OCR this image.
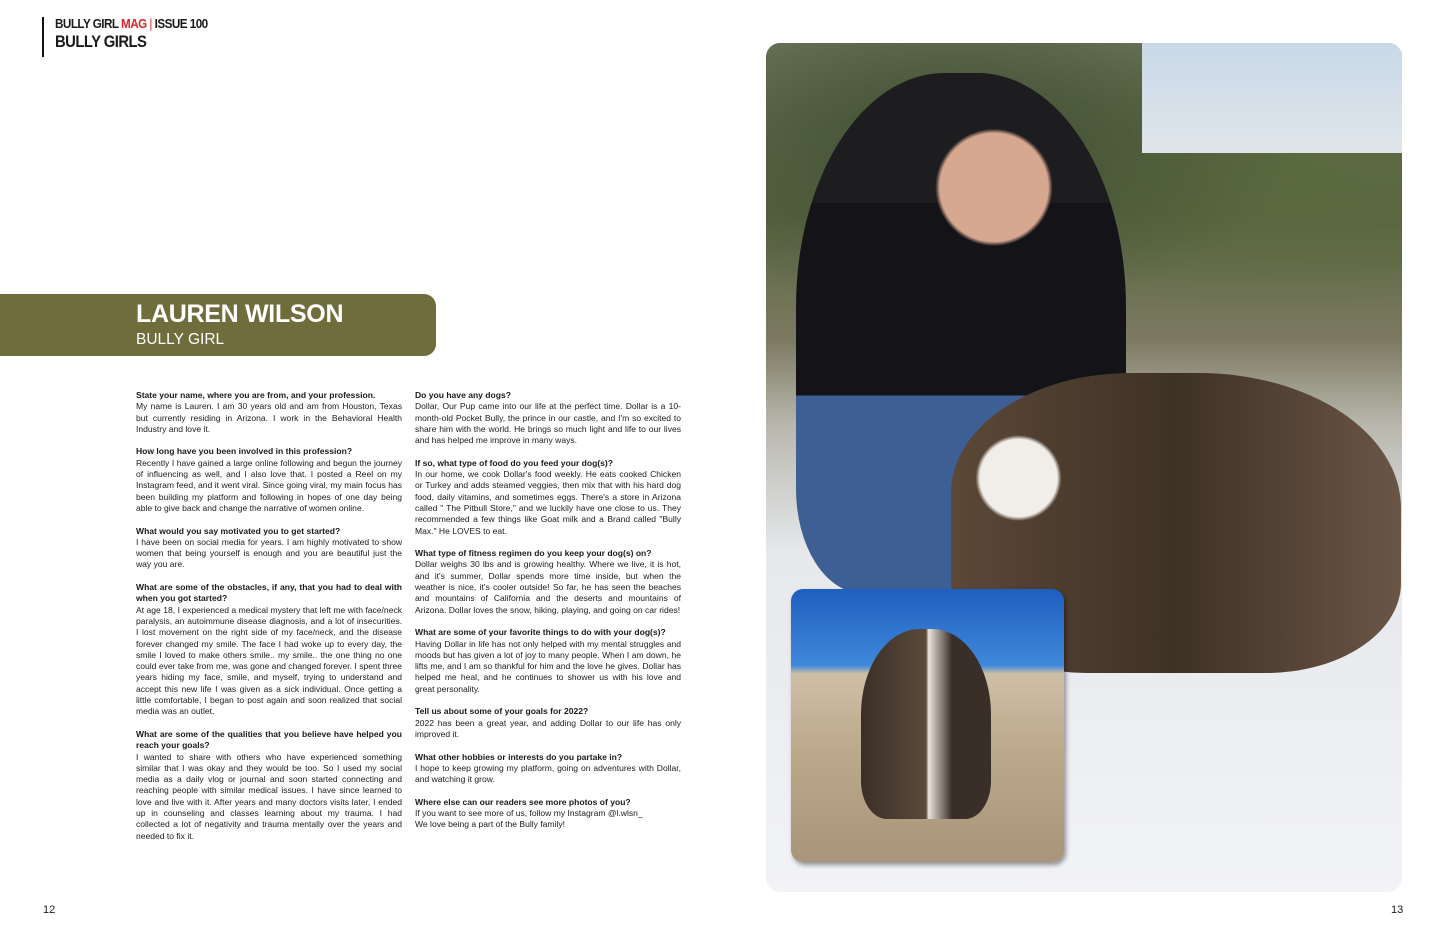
BULLY GIRL MAG | ISSUE 100
BULLY GIRLS
LAUREN WILSON
BULLY GIRL
State your name, where you are from, and your profession.
My name is Lauren. I am 30 years old and am from Houston, Texas but currently residing in Arizona. I work in the Behavioral Health Industry and love it.
How long have you been involved in this profession?
Recently I have gained a large online following and begun the journey of influencing as well, and I also love that. I posted a Reel on my Instagram feed, and it went viral. Since going viral, my main focus has been building my platform and following in hopes of one day being able to give back and change the narrative of women online.
What would you say motivated you to get started?
I have been on social media for years. I am highly motivated to show women that being yourself is enough and you are beautiful just the way you are.
What are some of the obstacles, if any, that you had to deal with when you got started?
At age 18, I experienced a medical mystery that left me with face/neck paralysis, an autoimmune disease diagnosis, and a lot of insecurities. I lost movement on the right side of my face/neck, and the disease forever changed my smile. The face I had woke up to every day, the smile I loved to make others smile.. my smile.. the one thing no one could ever take from me, was gone and changed forever. I spent three years hiding my face, smile, and myself, trying to understand and accept this new life I was given as a sick individual. Once getting a little comfortable, I began to post again and soon realized that social media was an outlet.
What are some of the qualities that you believe have helped you reach your goals?
I wanted to share with others who have experienced something similar that I was okay and they would be too. So I used my social media as a daily vlog or journal and soon started connecting and reaching people with similar medical issues. I have since learned to love and live with it. After years and many doctors visits later, I ended up in counseling and classes learning about my trauma. I had collected a lot of negativity and trauma mentally over the years and needed to fix it.
Do you have any dogs?
Dollar, Our Pup came into our life at the perfect time. Dollar is a 10-month-old Pocket Bully, the prince in our castle, and I'm so excited to share him with the world. He brings so much light and life to our lives and has helped me improve in many ways.
If so, what type of food do you feed your dog(s)?
In our home, we cook Dollar's food weekly. He eats cooked Chicken or Turkey and adds steamed veggies, then mix that with his hard dog food, daily vitamins, and sometimes eggs. There's a store in Arizona called " The Pitbull Store," and we luckily have one close to us. They recommended a few things like Goat milk and a Brand called "Bully Max." He LOVES to eat.
What type of fitness regimen do you keep your dog(s) on?
Dollar weighs 30 lbs and is growing healthy. Where we live, it is hot, and it's summer, Dollar spends more time inside, but when the weather is nice, it's cooler outside! So far, he has seen the beaches and mountains of California and the deserts and mountains of Arizona. Dollar loves the snow, hiking, playing, and going on car rides!
What are some of your favorite things to do with your dog(s)?
Having Dollar in life has not only helped with my mental struggles and moods but has given a lot of joy to many people. When I am down, he lifts me, and I am so thankful for him and the love he gives. Dollar has helped me heal, and he continues to shower us with his love and great personality.
Tell us about some of your goals for 2022?
2022 has been a great year, and adding Dollar to our life has only improved it.
What other hobbies or interests do you partake in?
I hope to keep growing my platform, going on adventures with Dollar, and watching it grow.
Where else can our readers see more photos of you?
If you want to see more of us, follow my Instagram @l.wlsn_
We love being a part of the Bully family!
12	13
